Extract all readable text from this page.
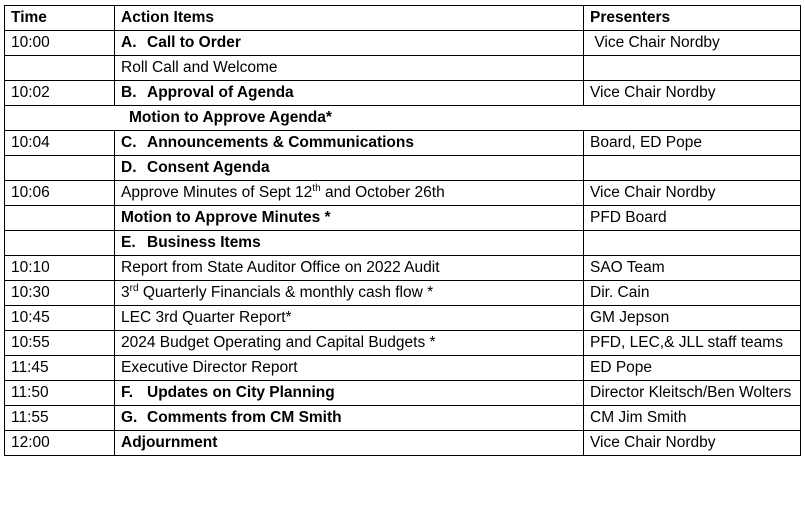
Time	Action Items	Presenters
10:00	A. Call to Order	Vice Chair Nordby
	Roll Call and Welcome	
10:02	B. Approval of Agenda	Vice Chair Nordby
Motion to Approve Agenda*		
10:04	C. Announcements & Communications	Board, ED Pope
	D. Consent Agenda	
10:06	Approve Minutes of Sept 12th and October 26th	Vice Chair Nordby
	Motion to Approve Minutes *	PFD Board
	E. Business Items	
10:10	Report from State Auditor Office on 2022 Audit	SAO Team
10:30	3rd Quarterly Financials & monthly cash flow *	Dir. Cain
10:45	LEC 3rd Quarter Report*	GM Jepson
10:55	2024 Budget Operating and Capital Budgets *	PFD, LEC,& JLL staff teams
11:45	Executive Director Report	ED Pope
11:50	F. Updates on City Planning	Director Kleitsch/Ben Wolters
11:55	G. Comments from CM Smith	CM Jim Smith
12:00	Adjournment	Vice Chair Nordby
